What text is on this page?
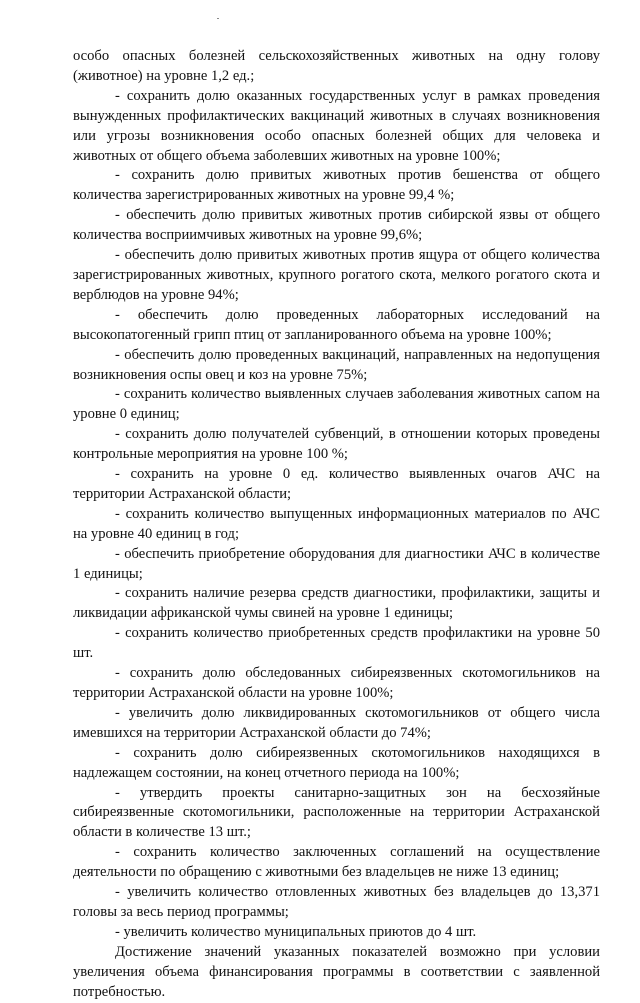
особо опасных болезней сельскохозяйственных животных на одну голову (животное) на уровне 1,2 ед.;

- сохранить долю оказанных государственных услуг в рамках проведения вынужденных профилактических вакцинаций животных в случаях возникновения или угрозы возникновения особо опасных болезней общих для человека и животных от общего объема заболевших животных на уровне 100%;

- сохранить долю привитых животных против бешенства от общего количества зарегистрированных животных на уровне 99,4 %;

- обеспечить долю привитых животных против сибирской язвы от общего количества восприимчивых животных на уровне 99,6%;

- обеспечить долю привитых животных против ящура от общего количества зарегистрированных животных, крупного рогатого скота, мелкого рогатого скота и верблюдов на уровне 94%;

- обеспечить долю проведенных лабораторных исследований на высокопатогенный грипп птиц от запланированного объема на уровне 100%;

- обеспечить долю проведенных вакцинаций, направленных на недопущения возникновения оспы овец и коз на уровне 75%;

- сохранить количество выявленных случаев заболевания животных сапом на уровне 0 единиц;

- сохранить долю получателей субвенций, в отношении которых проведены контрольные мероприятия на уровне 100 %;

- сохранить на уровне 0 ед. количество выявленных очагов АЧС на территории Астраханской области;

- сохранить количество выпущенных информационных материалов по АЧС на уровне 40 единиц в год;

- обеспечить приобретение оборудования для диагностики АЧС в количестве 1 единицы;

- сохранить наличие резерва средств диагностики, профилактики, защиты и ликвидации африканской чумы свиней на уровне 1 единицы;

- сохранить количество приобретенных средств профилактики на уровне 50 шт.

- сохранить долю обследованных сибиреязвенных скотомогильников на территории Астраханской области на уровне 100%;

- увеличить долю ликвидированных скотомогильников от общего числа имевшихся на территории Астраханской области до 74%;

- сохранить долю сибиреязвенных скотомогильников находящихся в надлежащем состоянии, на конец отчетного периода на 100%;

- утвердить проекты санитарно-защитных зон на бесхозяйные сибиреязвенные скотомогильники, расположенные на территории Астраханской области в количестве 13 шт.;

- сохранить количество заключенных соглашений на осуществление деятельности по обращению с животными без владельцев не ниже 13 единиц;

- увеличить количество отловленных животных без владельцев до 13,371 головы за весь период программы;

- увеличить количество муниципальных приютов до 4 шт.

Достижение значений указанных показателей возможно при условии увеличения объема финансирования программы в соответствии с заявленной потребностью.
